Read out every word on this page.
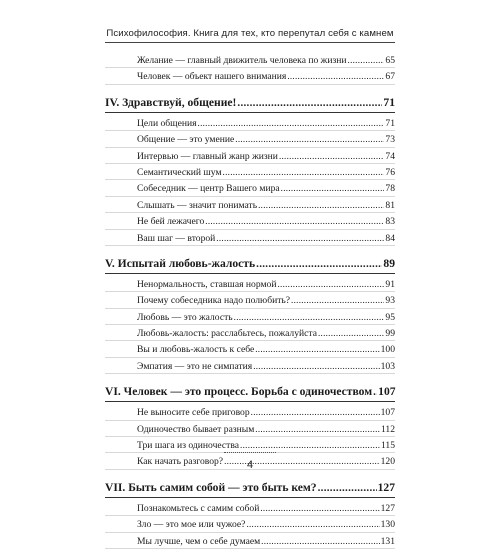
Психофилософия. Книга для тех, кто перепутал себя с камнем
Желание — главный движитель человека по жизни .....	65
Человек — объект нашего внимания .....	67
IV. Здравствуй, общение! .....	71
Цели общения .....	71
Общение — это умение .....	73
Интервью — главный жанр жизни .....	74
Семантический шум .....	76
Собеседник — центр Вашего мира .....	78
Слышать — значит понимать .....	81
Не бей лежачего .....	83
Ваш шаг — второй .....	84
V. Испытай любовь-жалость .....	89
Ненормальность, ставшая нормой .....	91
Почему собеседника надо полюбить? .....	93
Любовь — это жалость .....	95
Любовь-жалость: расслабьтесь, пожалуйста .....	99
Вы и любовь-жалость к себе .....	100
Эмпатия — это не симпатия .....	103
VI. Человек — это процесс. Борьба с одиночеством ..... 107
Не выносите себе приговор .....	107
Одиночество бывает разным .....	112
Три шага из одиночества .....	115
Как начать разговор? .....	120
VII. Быть самим собой — это быть кем? .....	127
Познакомьтесь с самим собой .....	127
Зло — это мое или чужое? .....	130
Мы лучше, чем о себе думаем .....	131
4
